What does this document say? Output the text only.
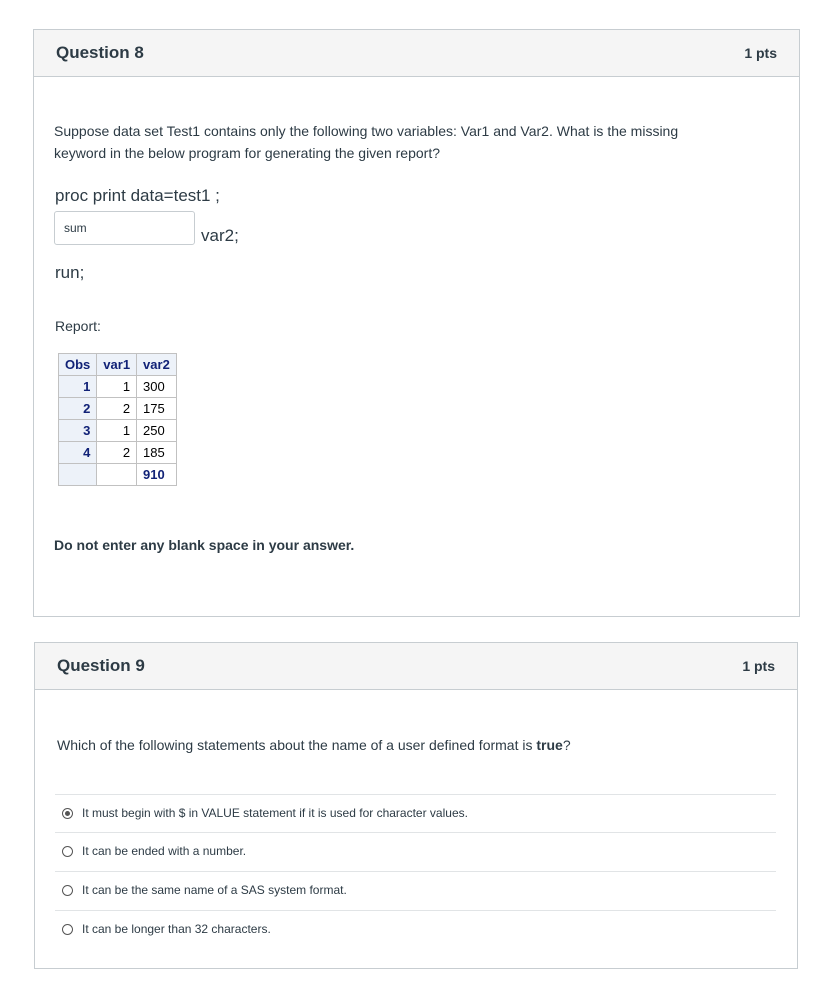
Question 8	1 pts
Suppose data set Test1 contains only the following two variables: Var1 and Var2. What is the missing
keyword in the below program for generating the given report?
proc print data=test1 ;
sum	var2;
run;
Report:
Obs	var1	var2
1	1	300
2	2	175
3	1	250
4	2	185
		910
Do not enter any blank space in your answer.
Question 9	1 pts
Which of the following statements about the name of a user defined format is true?
It must begin with $ in VALUE statement if it is used for character values.
It can be ended with a number.
It can be the same name of a SAS system format.
It can be longer than 32 characters.
